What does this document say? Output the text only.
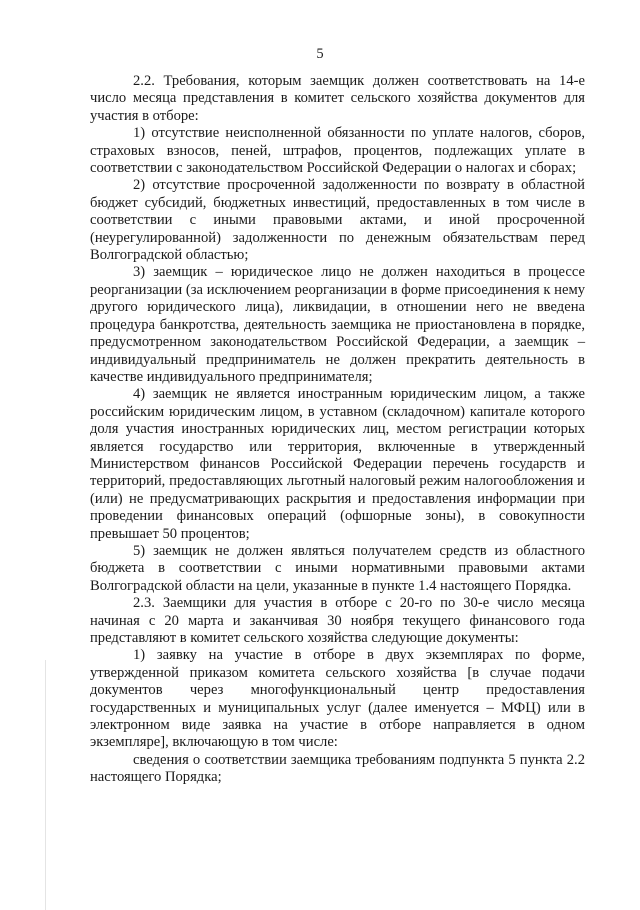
5

2.2. Требования, которым заемщик должен соответствовать на 14-е число месяца представления в комитет сельского хозяйства документов для участия в отборе:

1) отсутствие неисполненной обязанности по уплате налогов, сборов, страховых взносов, пеней, штрафов, процентов, подлежащих уплате в соответствии с законодательством Российской Федерации о налогах и сборах;

2) отсутствие просроченной задолженности по возврату в областной бюджет субсидий, бюджетных инвестиций, предоставленных в том числе в соответствии с иными правовыми актами, и иной просроченной (неурегулированной) задолженности по денежным обязательствам перед Волгоградской областью;

3) заемщик – юридическое лицо не должен находиться в процессе реорганизации (за исключением реорганизации в форме присоединения к нему другого юридического лица), ликвидации, в отношении него не введена процедура банкротства, деятельность заемщика не приостановлена в порядке, предусмотренном законодательством Российской Федерации, а заемщик – индивидуальный предприниматель не должен прекратить деятельность в качестве индивидуального предпринимателя;

4) заемщик не является иностранным юридическим лицом, а также российским юридическим лицом, в уставном (складочном) капитале которого доля участия иностранных юридических лиц, местом регистрации которых является государство или территория, включенные в утвержденный Министерством финансов Российской Федерации перечень государств и территорий, предоставляющих льготный налоговый режим налогообложения и (или) не предусматривающих раскрытия и предоставления информации при проведении финансовых операций (офшорные зоны), в совокупности превышает 50 процентов;

5) заемщик не должен являться получателем средств из областного бюджета в соответствии с иными нормативными правовыми актами Волгоградской области на цели, указанные в пункте 1.4 настоящего Порядка.

2.3. Заемщики для участия в отборе с 20-го по 30-е число месяца начиная с 20 марта и заканчивая 30 ноября текущего финансового года представляют в комитет сельского хозяйства следующие документы:

1) заявку на участие в отборе в двух экземплярах по форме, утвержденной приказом комитета сельского хозяйства [в случае подачи документов через многофункциональный центр предоставления государственных и муниципальных услуг (далее именуется – МФЦ) или в электронном виде заявка на участие в отборе направляется в одном экземпляре], включающую в том числе:

сведения о соответствии заемщика требованиям подпункта 5 пункта 2.2 настоящего Порядка;
